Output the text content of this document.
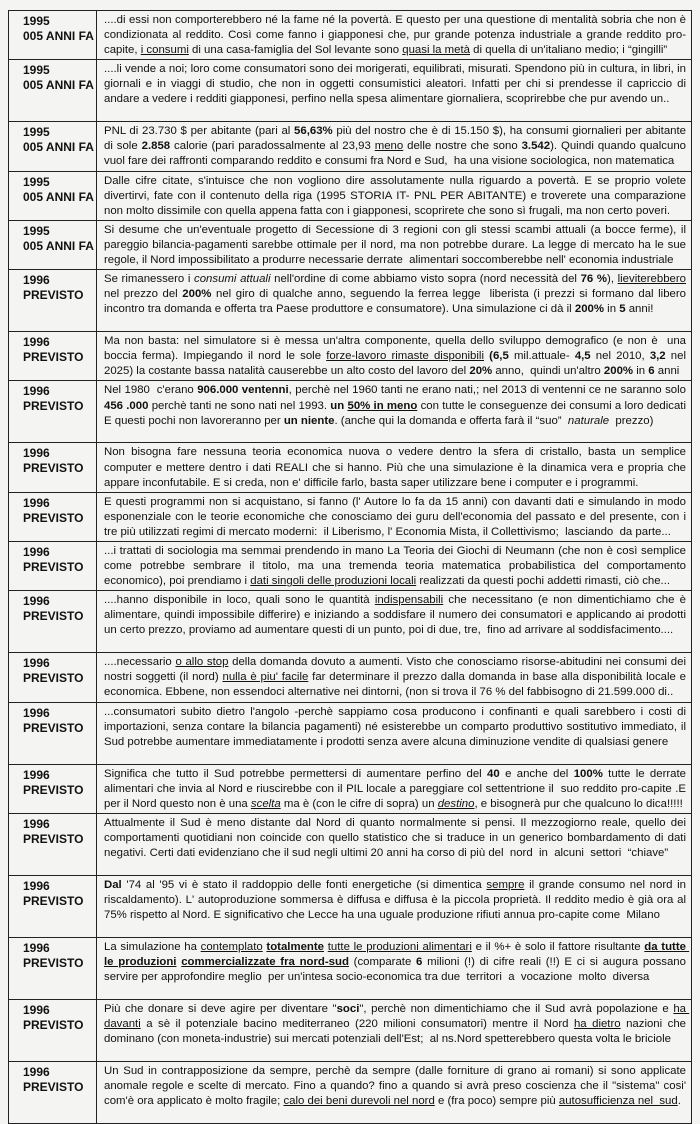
1995
005 ANNI FA	....di essi non comporterebbero né la fame né la povertà. E questo per una questione di mentalità sobria che non è condizionata al reddito. Così come fanno i giapponesi che, pur grande potenza industriale a grande reddito pro-capite, i consumi di una casa-famiglia del Sol levante sono quasi la metà di quella di un'italiano medio; i “gingilli”

1995
005 ANNI FA	....li vende a noi; loro come consumatori sono dei morigerati, equilibrati, misurati. Spendono più in cultura, in libri, in giornali e in viaggi di studio, che non in oggetti consumistici aleatori. Infatti per chi si prendesse il capriccio di andare a vedere i redditi giapponesi, perfino nella spesa alimentare giornaliera, scoprirebbe che pur avendo un..

1995
005 ANNI FA	PNL di 23.730 $ per abitante (pari al 56,63% più del nostro che è di 15.150 $), ha consumi giornalieri per abitante di sole 2.858 calorie (pari paradossalmente al 23,93 meno delle nostre che sono 3.542). Quindi quando qualcuno vuol fare dei raffronti comparando reddito e consumi fra Nord e Sud,  ha una visione sociologica, non matematica

1995
005 ANNI FA	Dalle cifre citate, s'intuisce che non vogliono dire assolutamente nulla riguardo a povertà. E se proprio volete divertirvi, fate con il contenuto della riga (1995 STORIA IT- PNL PER ABITANTE) e troverete una comparazione non molto dissimile con quella appena fatta con i giapponesi, scoprirete che sono sì frugali, ma non certo poveri.

1995
005 ANNI FA	Si desume che un'eventuale progetto di Secessione di 3 regioni con gli stessi scambi attuali (a bocce ferme), il pareggio bilancia-pagamenti sarebbe ottimale per il nord, ma non potrebbe durare. La legge di mercato ha le sue regole, il Nord impossibilitato a produrre necessarie derrate  alimentari soccomberebbe nell' economia industriale

1996
PREVISTO	Se rimanessero i consumi attuali nell'ordine di come abbiamo visto sopra (nord necessità del 76 %), lieviterebbero nel prezzo del 200% nel giro di qualche anno, seguendo la ferrea legge  liberista (i prezzi si formano dal libero incontro tra domanda e offerta tra Paese produttore e consumatore). Una simulazione ci dà il 200% in 5 anni!

1996
PREVISTO	Ma non basta: nel simulatore si è messa un'altra componente, quella dello sviluppo demografico (e non è  una boccia ferma). Impiegando il nord le sole forze-lavoro rimaste disponibili (6,5 mil.attuale- 4,5 nel 2010, 3,2 nel 2025) la costante bassa natalità causerebbe un alto costo del lavoro del 20% anno,  quindi un'altro 200% in 6 anni

1996
PREVISTO	Nel 1980  c'erano 906.000 ventenni, perchè nel 1960 tanti ne erano nati,; nel 2013 di ventenni ce ne saranno solo 456 .000 perchè tanti ne sono nati nel 1993. un 50% in meno con tutte le conseguenze dei consumi a loro dedicati E questi pochi non lavoreranno per un niente. (anche qui la domanda e offerta farà il “suo”  naturale  prezzo)

1996
PREVISTO	Non bisogna fare nessuna teoria economica nuova o vedere dentro la sfera di cristallo, basta un semplice computer e mettere dentro i dati REALI che si hanno. Più che una simulazione è la dinamica vera e propria che appare inconfutabile. E si creda, non e' difficile farlo, basta saper utilizzare bene i computer e i programmi.

1996
PREVISTO	E questi programmi non si acquistano, si fanno (l' Autore lo fa da 15 anni) con davanti dati e simulando in modo esponenziale con le teorie economiche che conosciamo dei guru dell'economia del passato e del presente, con i tre più utilizzati regimi di mercato moderni:  il Liberismo, l' Economia Mista, il Collettivismo;  lasciando  da parte...

1996
PREVISTO	...i trattati di sociologia ma semmai prendendo in mano La Teoria dei Giochi di Neumann (che non è così semplice come potrebbe sembrare il titolo, ma una tremenda teoria matematica probabilistica del comportamento economico), poi prendiamo i dati singoli delle produzioni locali realizzati da questi pochi addetti rimasti, ciò che...

1996
PREVISTO	....hanno disponibile in loco, quali sono le quantità indispensabili che necessitano (e non dimentichiamo che è alimentare, quindi impossibile differire) e iniziando a soddisfare il numero dei consumatori e applicando ai prodotti un certo prezzo, proviamo ad aumentare questi di un punto, poi di due, tre,  fino ad arrivare al soddisfacimento....

1996
PREVISTO	....necessario o allo stop della domanda dovuto a aumenti. Visto che conosciamo risorse-abitudini nei consumi dei nostri soggetti (il nord) nulla è piu' facile far determinare il prezzo dalla domanda in base alla disponibilità locale e economica. Ebbene, non essendoci alternative nei dintorni, (non si trova il 76 % del fabbisogno di 21.599.000 di..

1996
PREVISTO	...consumatori subito dietro l'angolo -perchè sappiamo cosa producono i confinanti e quali sarebbero i costi di importazioni, senza contare la bilancia pagamenti) né esisterebbe un comparto produttivo sostitutivo immediato, il Sud potrebbe aumentare immediatamente i prodotti senza avere alcuna diminuzione vendite di qualsiasi genere

1996
PREVISTO	Significa che tutto il Sud potrebbe permettersi di aumentare perfino del 40 e anche del 100% tutte le derrate alimentari che invia al Nord e riuscirebbe con il PIL locale a pareggiare col settentrione il  suo reddito pro-capite .E per il Nord questo non è una scelta ma è (con le cifre di sopra) un destino, e bisognerà pur che qualcuno lo dica!!!!!

1996
PREVISTO	Attualmente il Sud è meno distante dal Nord di quanto normalmente si pensi. Il mezzogiorno reale, quello dei comportamenti quotidiani non coincide con quello statistico che si traduce in un generico bombardamento di dati negativi. Certi dati evidenziano che il sud negli ultimi 20 anni ha corso di più del  nord  in  alcuni  settori  “chiave”

1996
PREVISTO	Dal '74 al '95 vi è stato il raddoppio delle fonti energetiche (si dimentica sempre il grande consumo nel nord in riscaldamento). L' autoproduzione sommersa è diffusa e diffusa è la piccola proprietà. Il reddito medio è già ora al 75% rispetto al Nord. E significativo che Lecce ha una uguale produzione rifiuti annua pro-capite come  Milano

1996
PREVISTO	La simulazione ha contemplato totalmente tutte le produzioni alimentari e il %+ è solo il fattore risultante da tutte le produzioni commercializzate fra nord-sud (comparate 6 milioni (!) di cifre reali (!!) E ci si augura possano servire per approfondire meglio  per un'intesa socio-economica tra due  territori  a  vocazione  molto  diversa

1996
PREVISTO	Più che donare si deve agire per diventare "soci", perchè non dimentichiamo che il Sud avrà popolazione e ha davanti a sè il potenziale bacino mediterraneo (220 milioni consumatori) mentre il Nord ha dietro nazioni che dominano (con moneta-industrie) sui mercati potenziali dell'Est;  al ns.Nord spetterebbero questa volta le briciole

1996
PREVISTO	Un Sud in contrapposizione da sempre, perchè da sempre (dalle forniture di grano ai romani) si sono applicate anomale regole e scelte di mercato. Fino a quando? fino a quando si avrà preso coscienza che il "sistema" cosi' com'è ora applicato è molto fragile; calo dei beni durevoli nel nord e (fra poco) sempre più autosufficienza nel  sud.
